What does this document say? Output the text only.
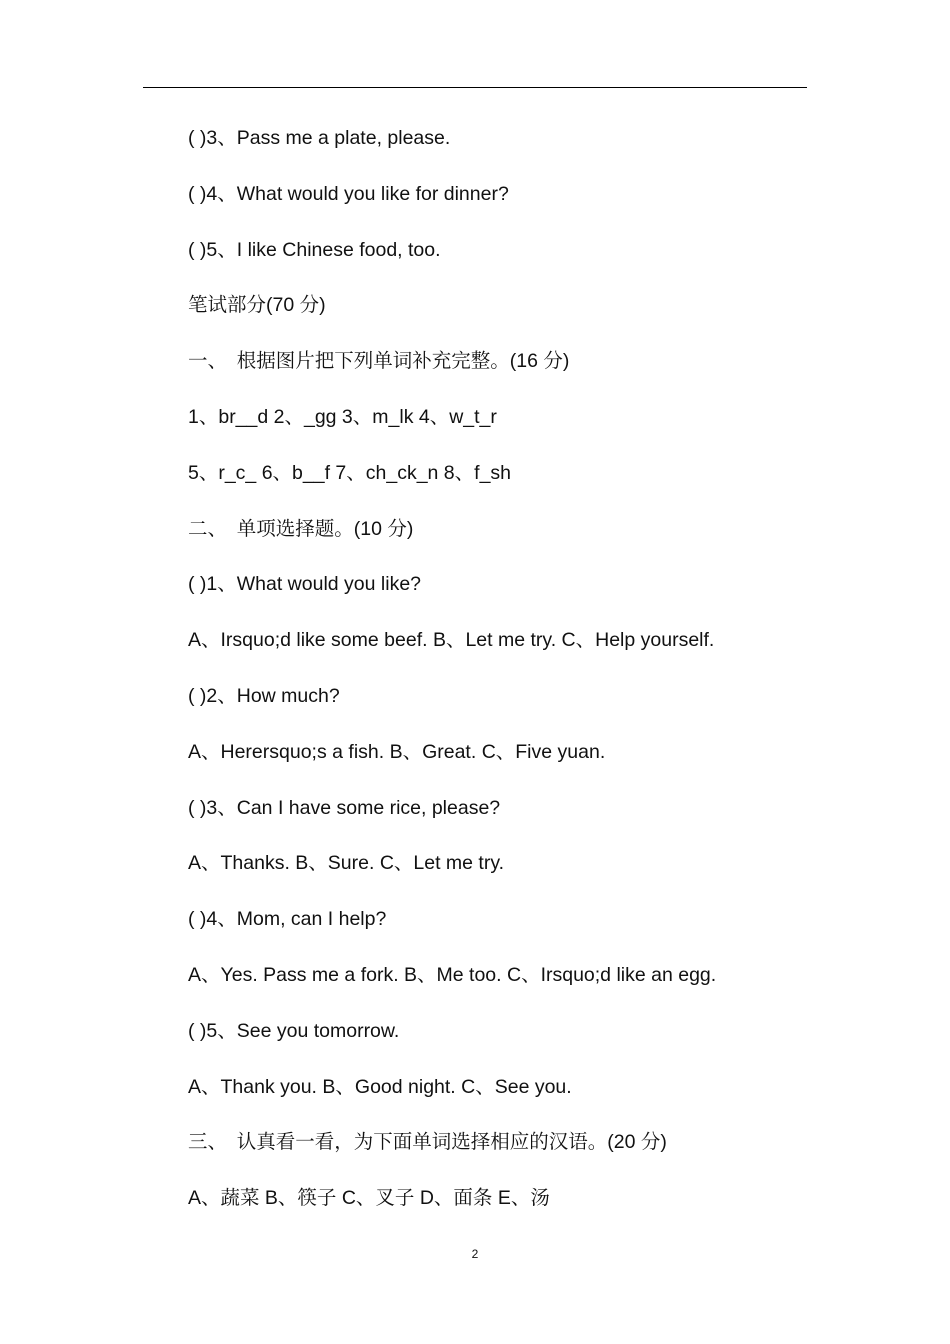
( )3、Pass me a plate, please.
( )4、What would you like for dinner?
( )5、I like Chinese food, too.
笔试部分(70 分)
一、　根据图片把下列单词补充完整。(16 分)
1、br__d 2、_gg 3、m_lk 4、w_t_r
5、r_c_ 6、b__f 7、ch_ck_n 8、f_sh
二、　单项选择题。(10 分)
( )1、What would you like?
A、Irsquo;d like some beef. B、Let me try. C、Help yourself.
( )2、How much?
A、Herersquo;s a fish. B、Great. C、Five yuan.
( )3、Can I have some rice, please?
A、Thanks. B、Sure. C、Let me try.
( )4、Mom, can I help?
A、Yes. Pass me a fork. B、Me too. C、Irsquo;d like an egg.
( )5、See you tomorrow.
A、Thank you. B、Good night. C、See you.
三、　认真看一看，为下面单词选择相应的汉语。(20 分)
A、蔬菜 B、筷子 C、叉子 D、面条 E、汤
2
